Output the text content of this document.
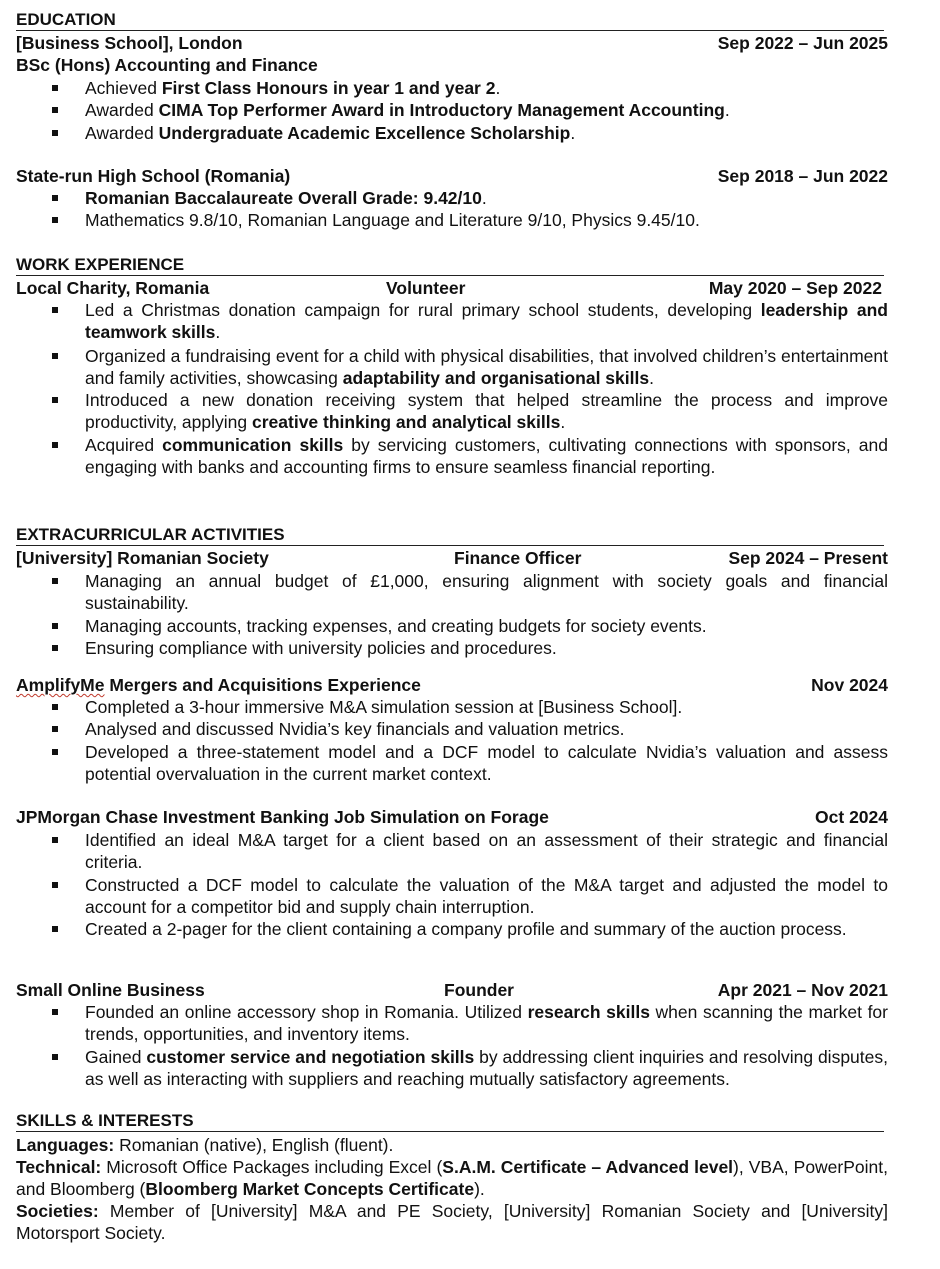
EDUCATION
[Business School], London	Sep 2022 – Jun 2025
BSc (Hons) Accounting and Finance
Achieved First Class Honours in year 1 and year 2.
Awarded CIMA Top Performer Award in Introductory Management Accounting.
Awarded Undergraduate Academic Excellence Scholarship.
State-run High School (Romania)	Sep 2018 – Jun 2022
Romanian Baccalaureate Overall Grade: 9.42/10.
Mathematics 9.8/10, Romanian Language and Literature 9/10, Physics 9.45/10.
WORK EXPERIENCE
Local Charity, Romania	Volunteer	May 2020 – Sep 2022
Led a Christmas donation campaign for rural primary school students, developing leadership and teamwork skills.
Organized a fundraising event for a child with physical disabilities, that involved children’s entertainment and family activities, showcasing adaptability and organisational skills.
Introduced a new donation receiving system that helped streamline the process and improve productivity, applying creative thinking and analytical skills.
Acquired communication skills by servicing customers, cultivating connections with sponsors, and engaging with banks and accounting firms to ensure seamless financial reporting.
EXTRACURRICULAR ACTIVITIES
[University] Romanian Society	Finance Officer	Sep 2024 – Present
Managing an annual budget of £1,000, ensuring alignment with society goals and financial sustainability.
Managing accounts, tracking expenses, and creating budgets for society events.
Ensuring compliance with university policies and procedures.
AmplifyMe Mergers and Acquisitions Experience	Nov 2024
Completed a 3-hour immersive M&A simulation session at [Business School].
Analysed and discussed Nvidia’s key financials and valuation metrics.
Developed a three-statement model and a DCF model to calculate Nvidia’s valuation and assess potential overvaluation in the current market context.
JPMorgan Chase Investment Banking Job Simulation on Forage	Oct 2024
Identified an ideal M&A target for a client based on an assessment of their strategic and financial criteria.
Constructed a DCF model to calculate the valuation of the M&A target and adjusted the model to account for a competitor bid and supply chain interruption.
Created a 2-pager for the client containing a company profile and summary of the auction process.
Small Online Business	Founder	Apr 2021 – Nov 2021
Founded an online accessory shop in Romania. Utilized research skills when scanning the market for trends, opportunities, and inventory items.
Gained customer service and negotiation skills by addressing client inquiries and resolving disputes, as well as interacting with suppliers and reaching mutually satisfactory agreements.
SKILLS & INTERESTS
Languages: Romanian (native), English (fluent).
Technical: Microsoft Office Packages including Excel (S.A.M. Certificate – Advanced level), VBA, PowerPoint, and Bloomberg (Bloomberg Market Concepts Certificate).
Societies: Member of [University] M&A and PE Society, [University] Romanian Society and [University] Motorsport Society.
